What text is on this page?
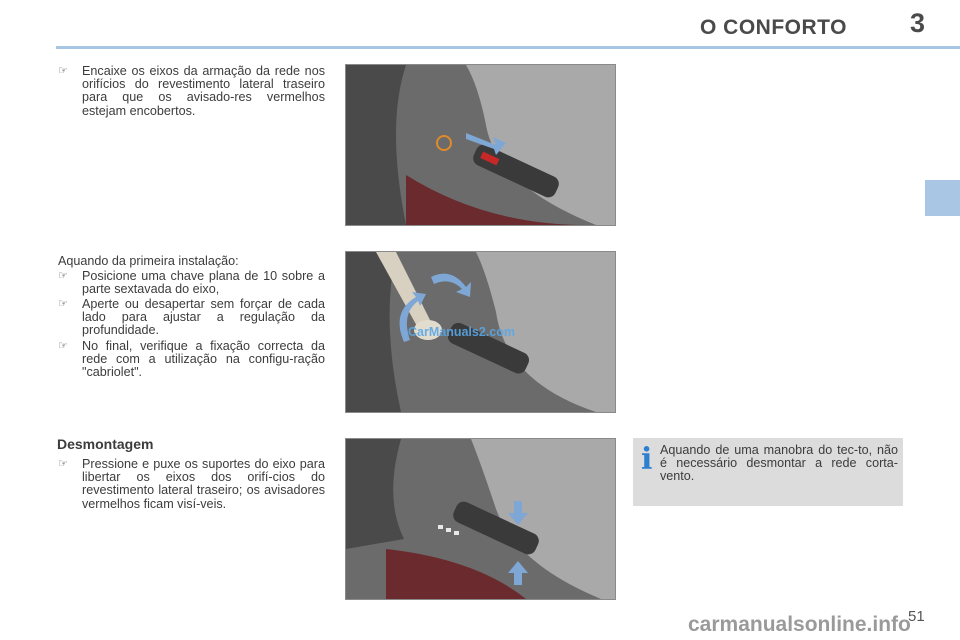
O CONFORTO 3
☞	Encaixe os eixos da armação da rede nos orifícios do revestimento lateral traseiro para que os avisado-res vermelhos estejam encobertos.
Aquando da primeira instalação:
☞	Posicione uma chave plana de 10 sobre a parte sextavada do eixo,
☞	Aperte ou desapertar sem forçar de cada lado para ajustar a regulação da profundidade.
☞	No final, verifique a fixação correcta da rede com a utilização na configu-ração "cabriolet".
CarManuals2.com
Desmontagem
☞	Pressione e puxe os suportes do eixo para libertar os eixos dos orifí-cios do revestimento lateral traseiro; os avisadores vermelhos ficam visí-veis.
i Aquando de uma manobra do tec-to, não é necessário desmontar a rede corta-vento.
51
carmanualsonline.info
